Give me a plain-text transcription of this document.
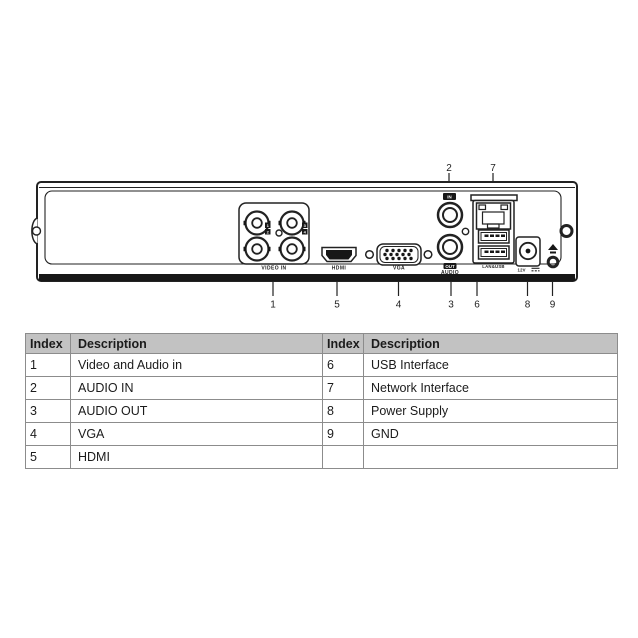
1
2
3
4
VIDEO IN	HDMI	VGA
IN
OUT
AUDIO
LAN&USB
12V
2	7
1	5	4	3 6	8 9
Index	Description	Index	Description
1	Video and Audio in	6	USB Interface
2	AUDIO IN	7	Network Interface
3	AUDIO OUT	8	Power Supply
4	VGA	9	GND
5	HDMI		
